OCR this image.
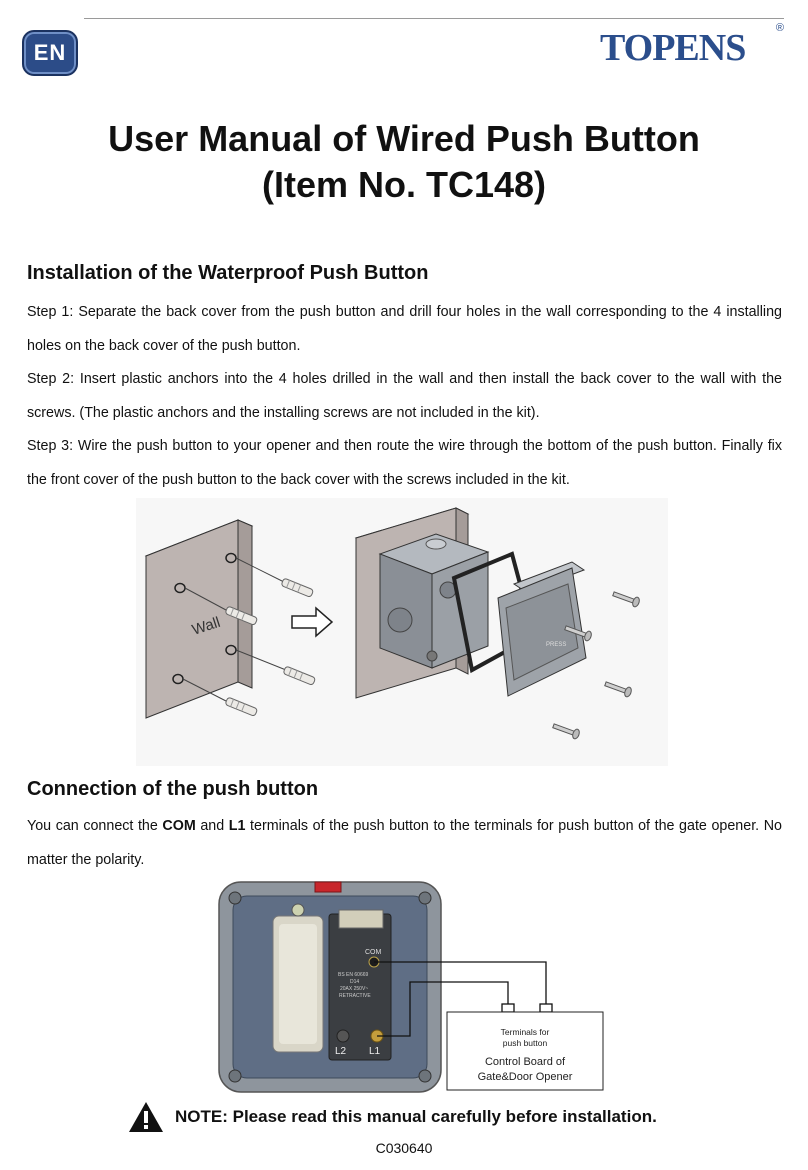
EN	TOPENS	®
User Manual of Wired Push Button
(Item No. TC148)
Installation of the Waterproof Push Button

Step 1: Separate the back cover from the push button and drill four holes in the wall corresponding to the 4 installing holes on the back cover of the push button.

Step 2: Insert plastic anchors into the 4 holes drilled in the wall and then install the back cover to the wall with the screws. (The plastic anchors and the installing screws are not included in the kit).

Step 3: Wire the push button to your opener and then route the wire through the bottom of the push button. Finally fix the front cover of the push button to the back cover with the screws included in the kit.

Wall
PRESS
Connection of the push button
You can connect the COM and L1 terminals of the push button to the terminals for push button of the gate opener. No matter the polarity.
COM
BS EN 60669
D14
20AX 250V~
RETRACTIVE
L2 L1
Terminals for
push button
Control Board of
Gate&Door Opener
NOTE: Please read this manual carefully before installation.
C030640
